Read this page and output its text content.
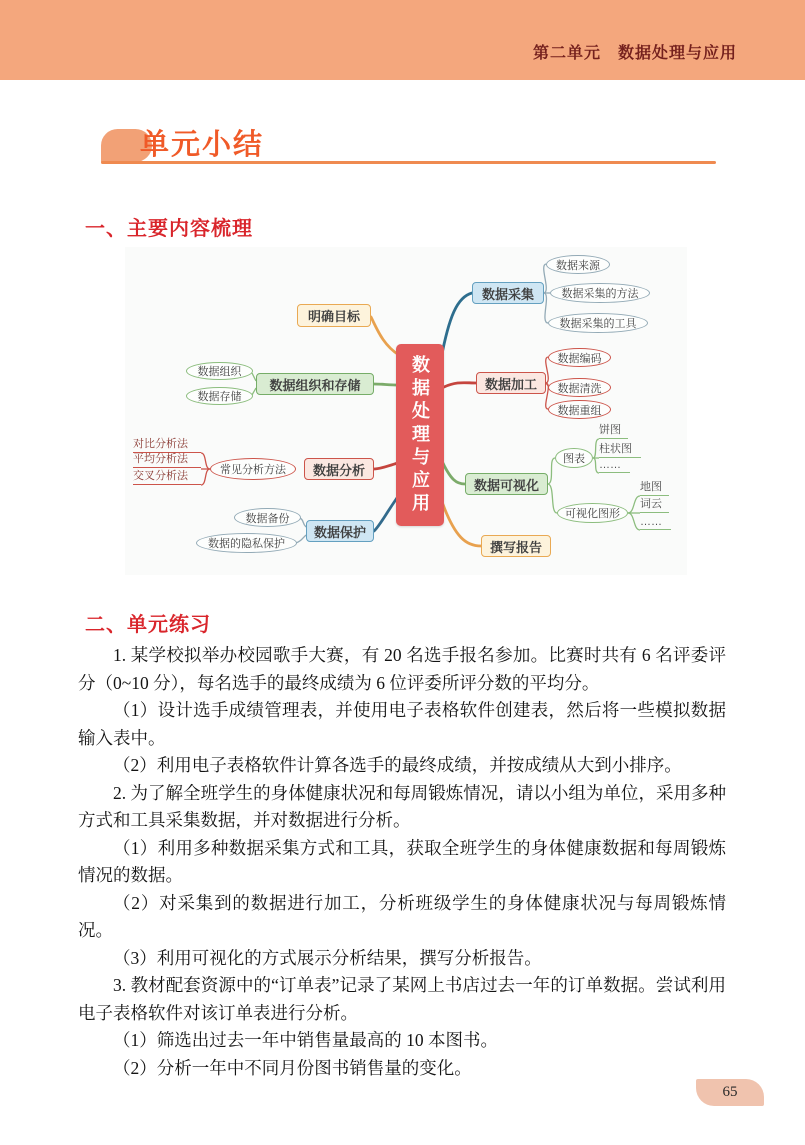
第二单元　数据处理与应用
单元小结
一、主要内容梳理
数据处理与应用
数据采集
数据来源
数据采集的方法
数据采集的工具
数据加工
数据编码
数据清洗
数据重组
数据可视化
图表
饼图
柱状图
……
可视化图形
地图
词云
……
撰写报告
明确目标
数据组织和存储
数据组织
数据存储
数据分析
常见分析方法
对比分析法
平均分析法
交叉分析法
数据保护
数据备份
数据的隐私保护
二、单元练习

1. 某学校拟举办校园歌手大赛，有 20 名选手报名参加。比赛时共有 6 名评委评分（0~10 分），每名选手的最终成绩为 6 位评委所评分数的平均分。

（1）设计选手成绩管理表，并使用电子表格软件创建表，然后将一些模拟数据输入表中。

（2）利用电子表格软件计算各选手的最终成绩，并按成绩从大到小排序。

2. 为了解全班学生的身体健康状况和每周锻炼情况，请以小组为单位，采用多种方式和工具采集数据，并对数据进行分析。

（1）利用多种数据采集方式和工具，获取全班学生的身体健康数据和每周锻炼情况的数据。

（2）对采集到的数据进行加工，分析班级学生的身体健康状况与每周锻炼情况。

（3）利用可视化的方式展示分析结果，撰写分析报告。

3. 教材配套资源中的“订单表”记录了某网上书店过去一年的订单数据。尝试利用电子表格软件对该订单表进行分析。

（1）筛选出过去一年中销售量最高的 10 本图书。

（2）分析一年中不同月份图书销售量的变化。

65
